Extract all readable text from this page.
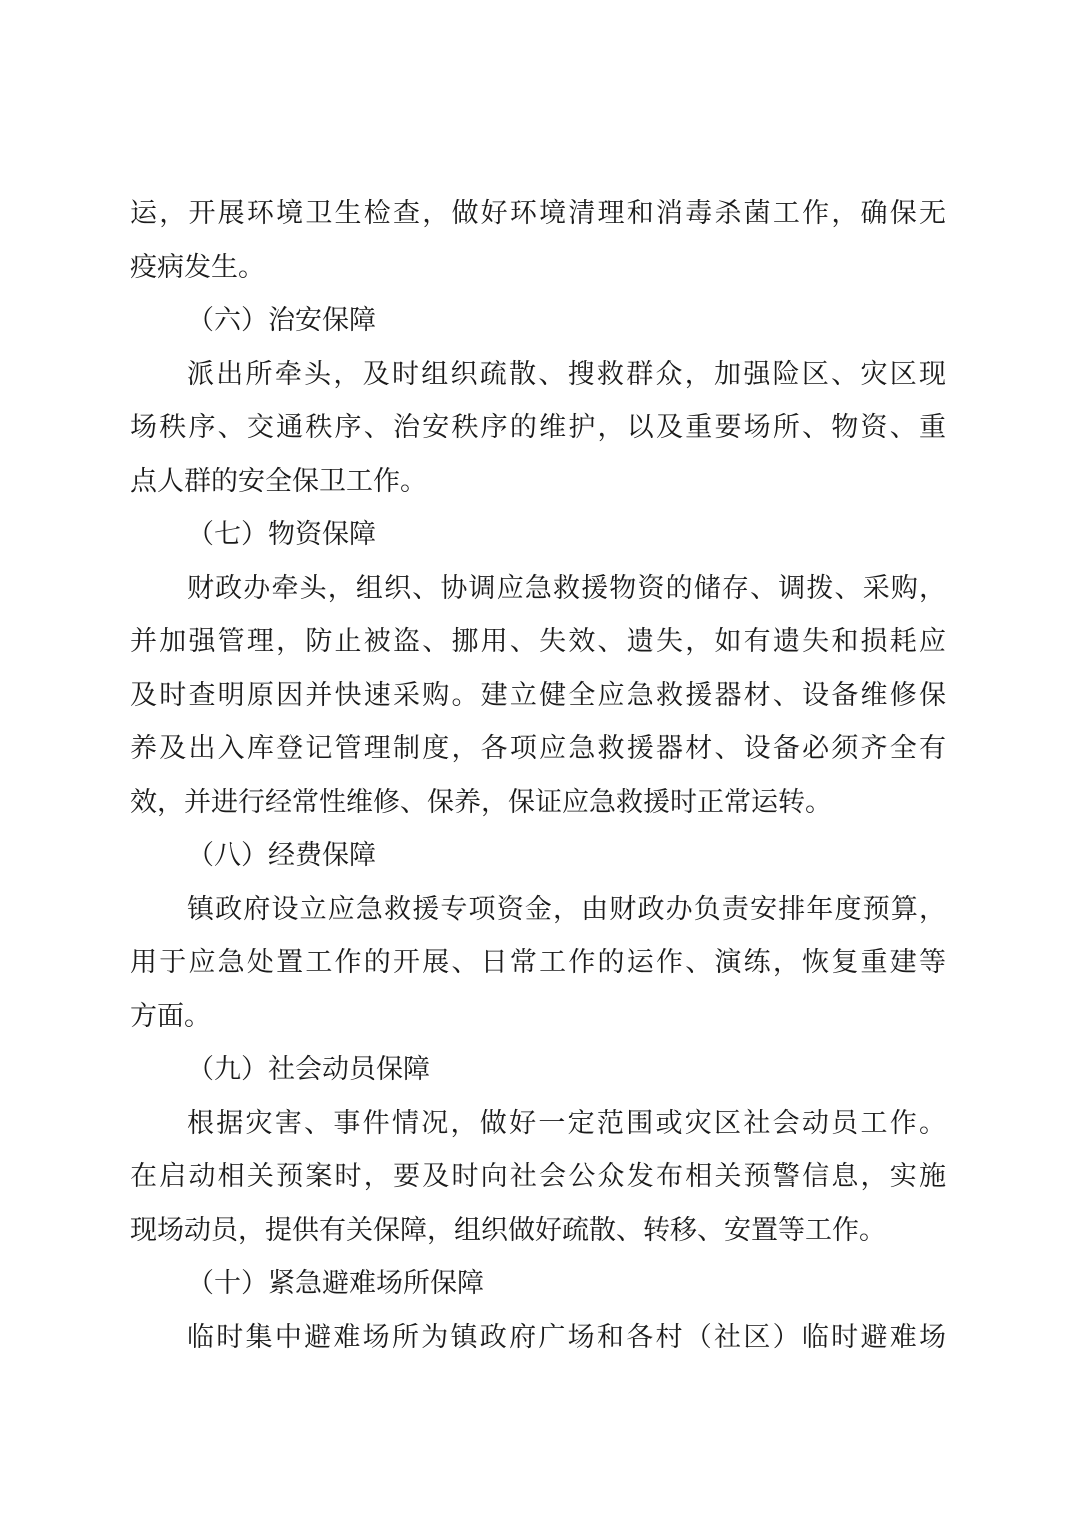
运，开展环境卫生检查，做好环境清理和消毒杀菌工作，确保无
疫病发生。
（六）治安保障
派出所牵头，及时组织疏散、搜救群众，加强险区、灾区现
场秩序、交通秩序、治安秩序的维护，以及重要场所、物资、重
点人群的安全保卫工作。
（七）物资保障
财政办牵头，组织、协调应急救援物资的储存、调拨、采购，
并加强管理，防止被盗、挪用、失效、遗失，如有遗失和损耗应
及时查明原因并快速采购。建立健全应急救援器材、设备维修保
养及出入库登记管理制度，各项应急救援器材、设备必须齐全有
效，并进行经常性维修、保养，保证应急救援时正常运转。
（八）经费保障
镇政府设立应急救援专项资金，由财政办负责安排年度预算，
用于应急处置工作的开展、日常工作的运作、演练，恢复重建等
方面。
（九）社会动员保障
根据灾害、事件情况，做好一定范围或灾区社会动员工作。
在启动相关预案时，要及时向社会公众发布相关预警信息，实施
现场动员，提供有关保障，组织做好疏散、转移、安置等工作。
（十）紧急避难场所保障
临时集中避难场所为镇政府广场和各村（社区）临时避难场
